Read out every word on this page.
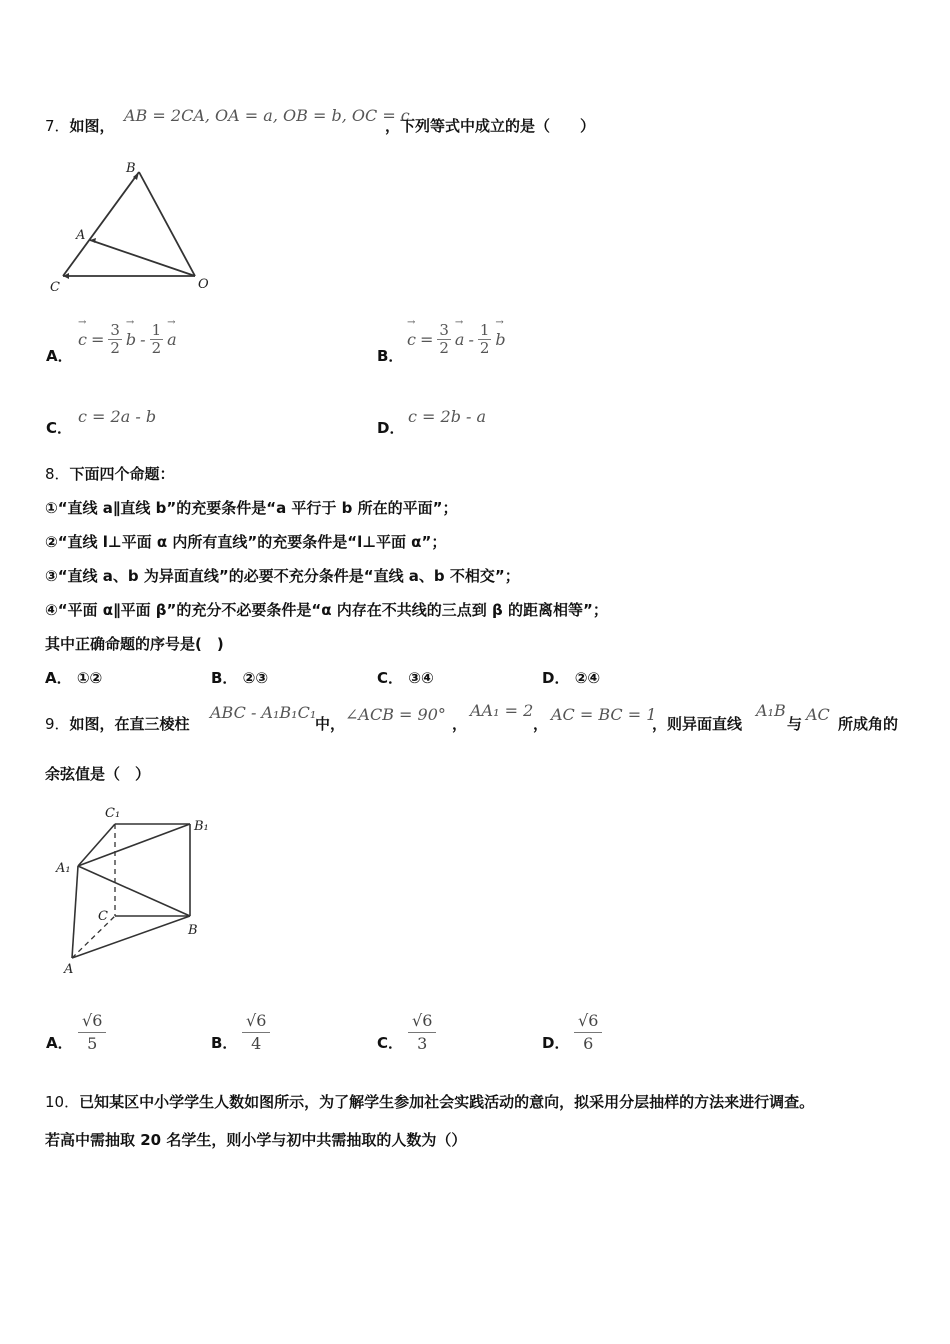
7．如图，
AB = 2CA, OA = a, OB = b, OC = c
，下列等式中成立的是（　　）
B
A
C	O
A．
→ $c = \frac{3}{2}$
→ b - $\frac{1}{2}$
→ a
B．
→ $c = \frac{3}{2}$
→ a - $\frac{1}{2}$
→ b
C．
c = 2a - b
D．
c = 2b - a
8．下面四个命题：
①“直线 a∥直线 b”的充要条件是“a 平行于 b 所在的平面”；
②“直线 l⊥平面 α 内所有直线”的充要条件是“l⊥平面 α”；
③“直线 a、b 为异面直线”的必要不充分条件是“直线 a、b 不相交”；
④“平面 α∥平面 β”的充分不必要条件是“α 内存在不共线的三点到 β 的距离相等”；
其中正确命题的序号是(　)
A． ①②	B． ②③	C． ③④	D． ②④
9．如图，在直三棱柱
ABC - A₁B₁C₁
中， ∠ACB = 90° ，
AA₁ = 2
， AC = BC = 1
，则异面直线
A₁B
与 AC 所成角的
余弦值是（　）
C₁
B₁
A₁
C
B
A
A． $\frac{√6}{5}$	B． $\frac{√6}{4}$	C． $\frac{√6}{3}$	D． $\frac{√6}{6}$
10．已知某区中小学学生人数如图所示，为了解学生参加社会实践活动的意向，拟采用分层抽样的方法来进行调查。
若高中需抽取 20 名学生，则小学与初中共需抽取的人数为（）
